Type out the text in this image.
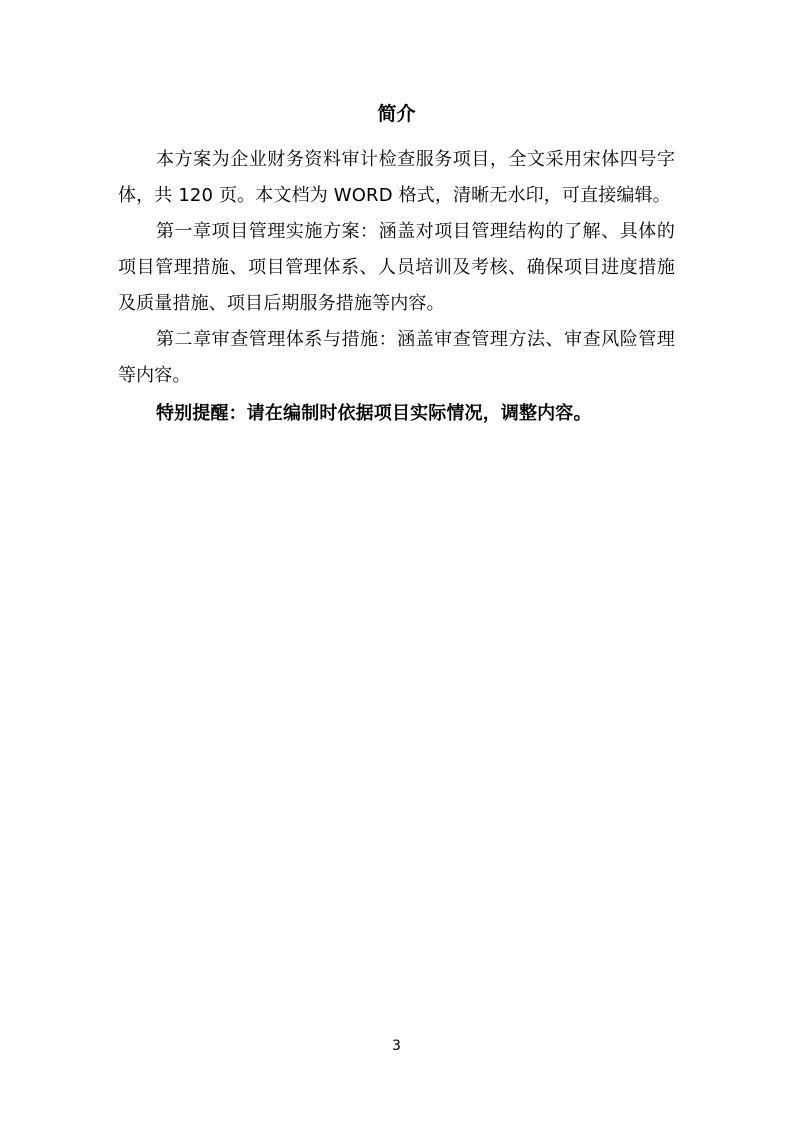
简介

本方案为企业财务资料审计检查服务项目，全文采用宋体四号字体，共 120 页。本文档为 WORD 格式，清晰无水印，可直接编辑。

第一章项目管理实施方案：涵盖对项目管理结构的了解、具体的项目管理措施、项目管理体系、人员培训及考核、确保项目进度措施及质量措施、项目后期服务措施等内容。

第二章审查管理体系与措施：涵盖审查管理方法、审查风险管理等内容。

特别提醒：请在编制时依据项目实际情况，调整内容。

3
